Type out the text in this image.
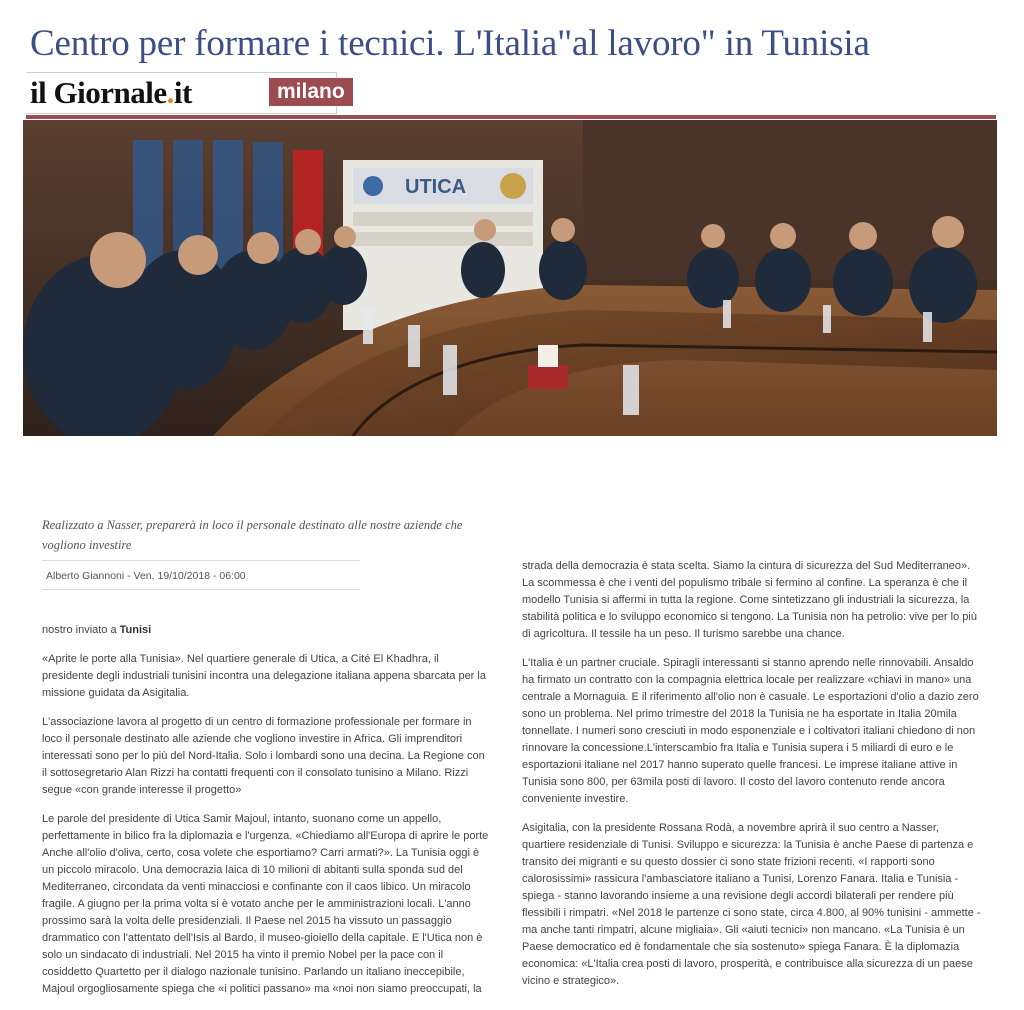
Centro per formare i tecnici. L'Italia"al lavoro" in Tunisia
il Giornale.it	milano
UTICA

Realizzato a Nasser, preparerà in loco il personale destinato alle nostre aziende che vogliono investire

Alberto Giannoni - Ven, 19/10/2018 - 06:00

nostro inviato a Tunisi

«Aprite le porte alla Tunisia». Nel quartiere generale di Utica, a Cité El Khadhra, il presidente degli industriali tunisini incontra una delegazione italiana appena sbarcata per la missione guidata da Asigitalia.

L'associazione lavora al progetto di un centro di formazione professionale per formare in loco il personale destinato alle aziende che vogliono investire in Africa. Gli imprenditori interessati sono per lo più del Nord-Italia. Solo i lombardi sono una decina. La Regione con il sottosegretario Alan Rizzi ha contatti frequenti con il consolato tunisino a Milano. Rizzi segue «con grande interesse il progetto»

Le parole del presidente di Utica Samir Majoul, intanto, suonano come un appello, perfettamente in bilico fra la diplomazia e l'urgenza. «Chiediamo all'Europa di aprire le porte Anche all'olio d'oliva, certo, cosa volete che esportiamo? Carri armati?». La Tunisia oggi è un piccolo miracolo. Una democrazia laica di 10 milioni di abitanti sulla sponda sud del Mediterraneo, circondata da venti minacciosi e confinante con il caos libico. Un miracolo fragile. A giugno per la prima volta si è votato anche per le amministrazioni locali. L'anno prossimo sarà la volta delle presidenziali. Il Paese nel 2015 ha vissuto un passaggio drammatico con l'attentato dell'Isis al Bardo, il museo-gioiello della capitale. E l'Utica non è solo un sindacato di industriali. Nel 2015 ha vinto il premio Nobel per la pace con il cosiddetto Quartetto per il dialogo nazionale tunisino. Parlando un italiano ineccepibile, Majoul orgogliosamente spiega che «i politici passano» ma «noi non siamo preoccupati, la

strada della democrazia è stata scelta. Siamo la cintura di sicurezza del Sud Mediterraneo». La scommessa è che i venti del populismo tribale si fermino al confine. La speranza è che il modello Tunisia si affermi in tutta la regione. Come sintetizzano gli industriali la sicurezza, la stabilità politica e lo sviluppo economico si tengono. La Tunisia non ha petrolio: vive per lo più di agricoltura. Il tessile ha un peso. Il turismo sarebbe una chance.

L'Italia è un partner cruciale. Spiragli interessanti si stanno aprendo nelle rinnovabili. Ansaldo ha firmato un contratto con la compagnia elettrica locale per realizzare «chiavi in mano» una centrale a Mornaguia. E il riferimento all'olio non è casuale. Le esportazioni d'olio a dazio zero sono un problema. Nel primo trimestre del 2018 la Tunisia ne ha esportate in Italia 20mila tonnellate. I numeri sono cresciuti in modo esponenziale e i coltivatori italiani chiedono di non rinnovare la concessione.L'interscambio fra Italia e Tunisia supera i 5 miliardi di euro e le esportazioni italiane nel 2017 hanno superato quelle francesi. Le imprese italiane attive in Tunisia sono 800, per 63mila posti di lavoro. Il costo del lavoro contenuto rende ancora conveniente investire.

Asigitalia, con la presidente Rossana Rodà, a novembre aprirà il suo centro a Nasser, quartiere residenziale di Tunisi. Sviluppo e sicurezza: la Tunisia è anche Paese di partenza e transito dei migranti e su questo dossier ci sono state frizioni recenti. «I rapporti sono calorosissimi» rassicura l'ambasciatore italiano a Tunisi, Lorenzo Fanara. Italia e Tunisia - spiega - stanno lavorando insieme a una revisione degli accordi bilaterali per rendere più flessibili i rimpatri. «Nel 2018 le partenze ci sono state, circa 4.800, al 90% tunisini - ammette - ma anche tanti rimpatri, alcune migliaia». Gli «aiuti tecnici» non mancano. «La Tunisia è un Paese democratico ed è fondamentale che sia sostenuto» spiega Fanara. È la diplomazia economica: «L'Italia crea posti di lavoro, prosperità, e contribuisce alla sicurezza di un paese vicino e strategico».
